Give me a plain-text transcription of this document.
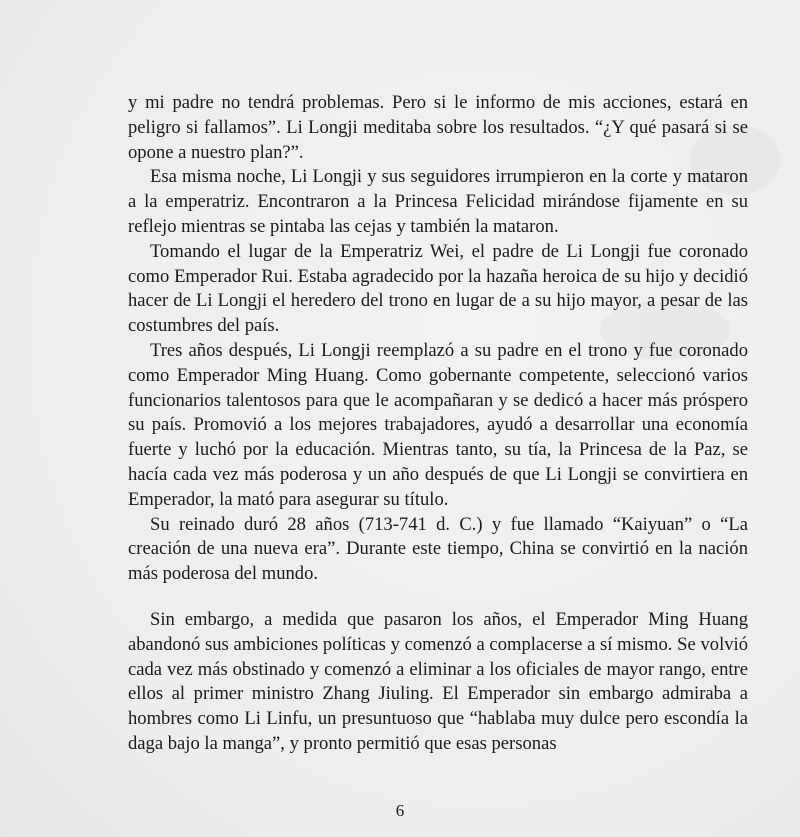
y mi padre no tendrá problemas. Pero si le informo de mis acciones, estará en peligro si fallamos”. Li Longji meditaba sobre los resultados. “¿Y qué pasará si se opone a nuestro plan?”.

Esa misma noche, Li Longji y sus seguidores irrumpieron en la corte y mataron a la emperatriz. Encontraron a la Princesa Felicidad mirándose fijamente en su reflejo mientras se pintaba las cejas y también la mataron.

Tomando el lugar de la Emperatriz Wei, el padre de Li Longji fue coronado como Emperador Rui. Estaba agradecido por la hazaña heroica de su hijo y decidió hacer de Li Longji el heredero del trono en lugar de a su hijo mayor, a pesar de las costumbres del país.

Tres años después, Li Longji reemplazó a su padre en el trono y fue coronado como Emperador Ming Huang. Como gobernante competente, seleccionó varios funcionarios talentosos para que le acompañaran y se dedicó a hacer más próspero su país. Promovió a los mejores trabajadores, ayudó a desarrollar una economía fuerte y luchó por la educación. Mientras tanto, su tía, la Princesa de la Paz, se hacía cada vez más poderosa y un año después de que Li Longji se convirtiera en Emperador, la mató para asegurar su título.

Su reinado duró 28 años (713-741 d. C.) y fue llamado “Kaiyuan” o “La creación de una nueva era”. Durante este tiempo, China se convirtió en la nación más poderosa del mundo.

Sin embargo, a medida que pasaron los años, el Emperador Ming Huang abandonó sus ambiciones políticas y comenzó a complacerse a sí mismo. Se volvió cada vez más obstinado y comenzó a eliminar a los oficiales de mayor rango, entre ellos al primer ministro Zhang Jiuling. El Emperador sin embargo admiraba a hombres como Li Linfu, un presuntuoso que “hablaba muy dulce pero escondía la daga bajo la manga”, y pronto permitió que esas personas

6
